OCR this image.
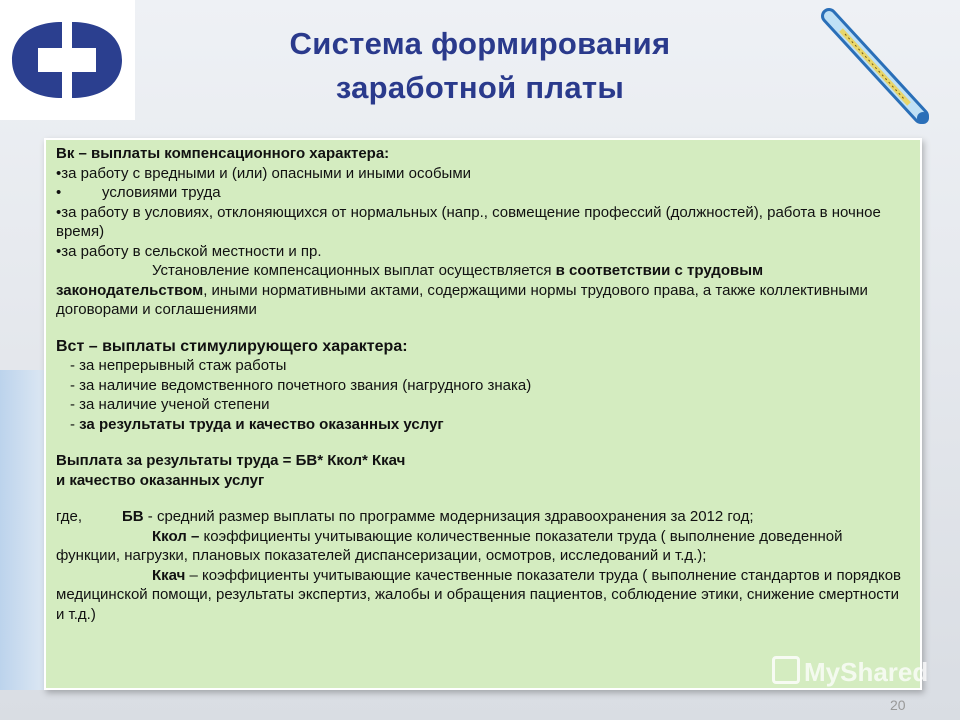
Система формирования
заработной платы

Вк – выплаты компенсационного характера:

•за работу с вредными и (или) опасными и иными особыми

•	условиями труда

•за работу в условиях, отклоняющихся от нормальных (напр., совмещение профессий (должностей), работа в ночное время)

•за работу в сельской местности и пр.

Установление компенсационных выплат осуществляется в соответствии с трудовым законодательством, иными нормативными актами, содержащими нормы трудового права, а также коллективными договорами и соглашениями

Вст – выплаты стимулирующего характера:

- за непрерывный стаж работы

- за наличие ведомственного почетного звания (нагрудного знака)

- за наличие ученой степени

- за результаты труда и качество оказанных услуг

Выплата за результаты труда = БВ* Ккол* Ккач

и качество оказанных услуг

где,	БВ - средний размер выплаты по программе модернизация здравоохранения за 2012 год;

Ккол – коэффициенты учитывающие количественные показатели труда ( выполнение доведенной функции, нагрузки, плановых показателей диспансеризации, осмотров, исследований и т.д.);

Ккач – коэффициенты учитывающие качественные показатели труда ( выполнение стандартов и порядков медицинской помощи, результаты экспертиз, жалобы и обращения пациентов, соблюдение этики, снижение смертности и т.д.)

MyShared
20
